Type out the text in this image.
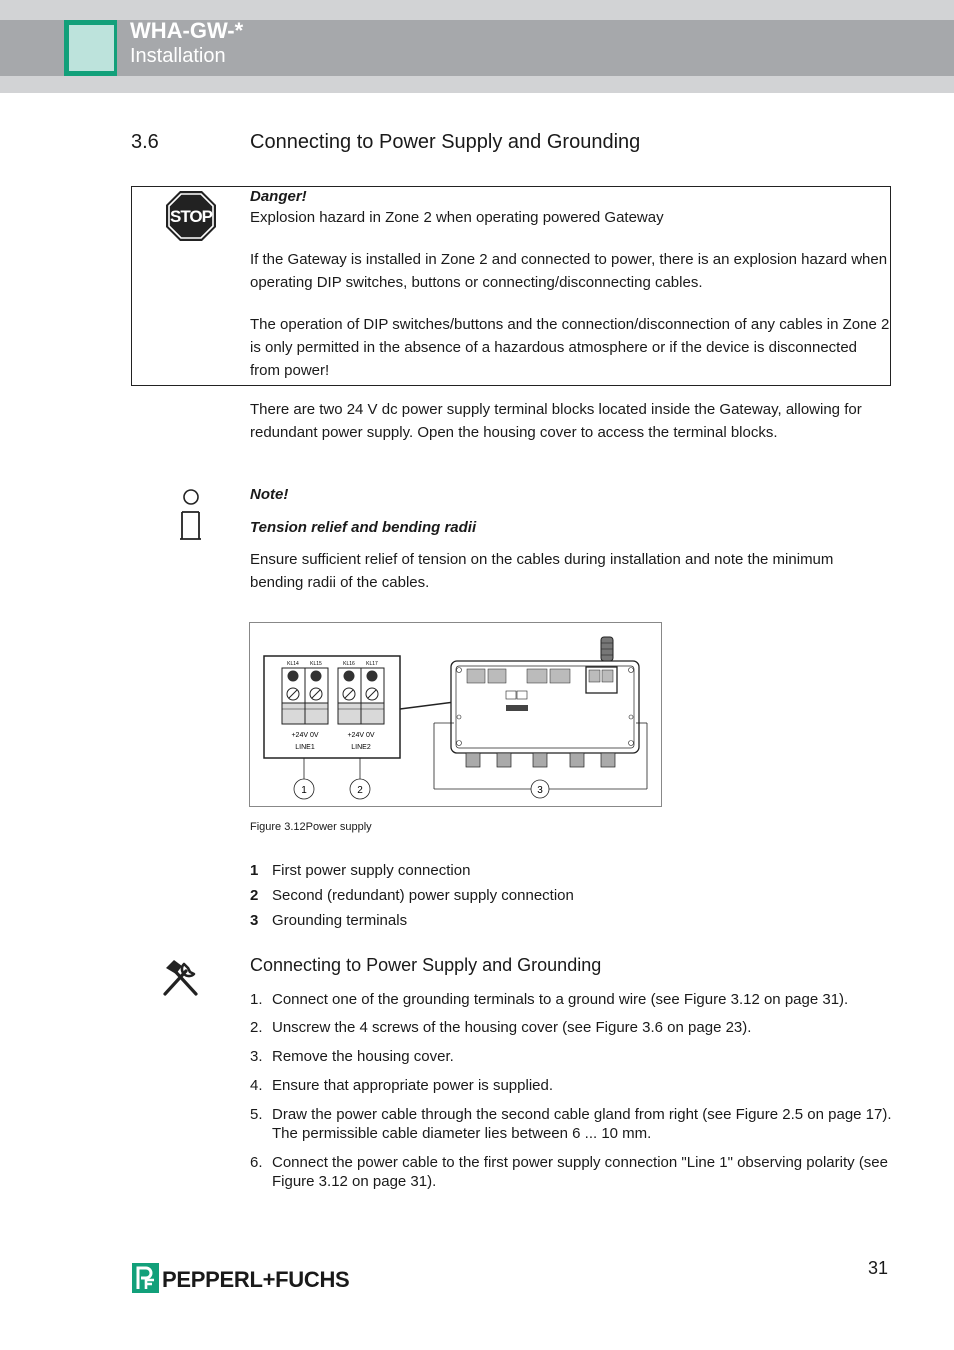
WHA-GW-*
Installation
3.6	Connecting to Power Supply and Grounding
STOP
Danger!
Explosion hazard in Zone 2 when operating powered Gateway
If the Gateway is installed in Zone 2 and connected to power, there is an explosion hazard when operating DIP switches, buttons or connecting/disconnecting cables.
The operation of DIP switches/buttons and the connection/disconnection of any cables in Zone 2 is only permitted in the absence of a hazardous atmosphere or if the device is disconnected from power!
There are two 24 V dc power supply terminal blocks located inside the Gateway, allowing for redundant power supply. Open the housing cover to access the terminal blocks.
Note!
Tension relief and bending radii
Ensure sufficient relief of tension on the cables during installation and note the minimum bending radii of the cables.
KL14 KL15	KL16 KL17
+24V 0V	+24V 0V
LINE1	LINE2
1	2	3
Figure 3.12Power supply
1 First power supply connection
2 Second (redundant) power supply connection
3 Grounding terminals
Connecting to Power Supply and Grounding
1. Connect one of the grounding terminals to a ground wire (see Figure 3.12 on page 31).
2. Unscrew the 4 screws of the housing cover (see Figure 3.6 on page 23).
3. Remove the housing cover.
4. Ensure that appropriate power is supplied.
5. Draw the power cable through the second cable gland from right (see Figure 2.5 on page 17). The permissible cable diameter lies between 6 ... 10 mm.
6. Connect the power cable to the first power supply connection "Line 1" observing polarity (see Figure 3.12 on page 31).
31
PEPPERL+FUCHS
